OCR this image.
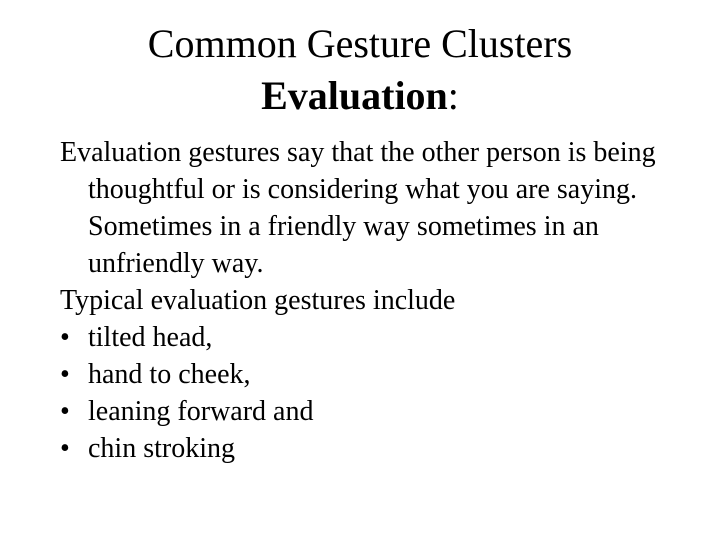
Common Gesture Clusters
Evaluation:
Evaluation gestures say that the other person is being thoughtful or is considering what you are saying. Sometimes in a friendly way sometimes in an unfriendly way.
Typical evaluation gestures include
• tilted head,
• hand to cheek,
• leaning forward and
• chin stroking
